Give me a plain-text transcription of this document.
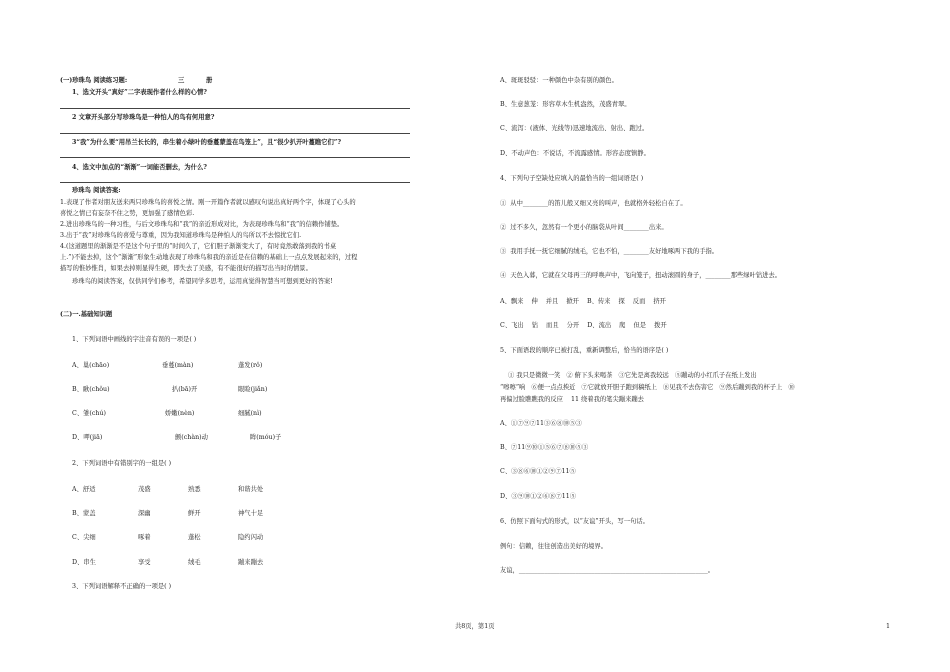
(一)珍珠鸟 阅读练习题:	三	册
1、选文开头“真好”二字表现作者什么样的心情?
2 文章开头部分写珍珠鸟是一种怕人的鸟有何用意?
3“我”为什么要“用吊兰长长的，串生着小绿叶的垂蔓蒙盖在鸟笼上”，且“很少扒开叶蔓瞧它们”?
4、选文中加点的“渐渐”一词能否删去，为什么?
珍珠鸟 阅读答案:
1.表现了作者对朋友送来两只珍珠鸟的喜悦之情。刚一开篇作者就以感叹句说出真好两个字，体现了心头的
喜悦之情已有妄奈不住之势，更加强了感情色彩.
2.进出珍珠鸟的一种习性，与后文珍珠鸟和“我”的亲近形成对比，为表现珍珠鸟和“我”的信赖作铺垫。
3.出于“我”对珍珠鸟的喜爱与尊重，因为我知道珍珠鸟是种怕人的鸟所以不去惊扰它们.
4.(这道题里的渐渐是不是这个句子里的“时间久了，它们胆子渐渐变大了，有时竟然敢落到我的书桌
上.”)不能去掉，这个“渐渐”形象生动地表现了珍珠鸟和我的亲近是在信赖的基础上一点点发展起来的，过程
描写的惟妙惟肖，如果去掉则显得生硬，即失去了美感，有不能很好的描写出当时的情景。
珍珠鸟的阅读答案，仅供同学们参考，希望同学多思考，运用真觉得智慧当可想到更好的答案!
(二)一.基础知识题
1、下列词语中画线的字注音有误的一项是( )
A、巢(chāo)	垂蔓(màn)	蓬发(rǒ)
B、瞅(chǒu)	扒(bā)开	眼睑(jiǎn)
C、雏(chú)	娇嫩(nèn)	细腻(nì)
D、呷(jiā)	颤(chàn)动	眸(móu)子
2、下列词语中有错别字的一组是( )
A、舒适	茂盛	熟悉	和谐共处
B、蒙盖	深幽	鲜开	神气十足
C、尖细	啄着	蓬松	隐约闪动
D、串生	享受	绒毛	蹦来蹦去
3、下列词语解释不正确的一项是( )
A、斑斑驳驳：一种颜色中杂有别的颜色。
B、生意葱茏：形容草木生机盎然，茂盛青翠。
C、流泻：(液体、光线等)迅速地流出、射出、跑过。
D、不动声色：不说话，不流露感情。形容态度镇静。
4、下列句子空缺处应填入的最恰当的一组词语是( )
①  从中________的笛儿般又细又亮的叫声，也就格外轻松自在了。
②  过不多久，忽然有一个更小的脑袋从叶间________出来。
③  我用手抚一抚它细腻的绒毛，它也不怕，________友好地啄两下我的手指。
④  天色入暮，它就在父母再三的呼唤声中，飞向笼子，扭动滚圆的身子，________那些绿叶钻进去。
A、飘来    伸    并且    掀开    B、传来    探    反而    挤开
C、飞出    钻    而且    分开    D、流出    爬    但是    拨开
5、下面语段的顺序已被打乱，重新调整后，恰当的语序是( )
① 我只是微微一笑   ② 俯下头来喝茶   ③它先是离我较远   ⑤蹦动的小红爪子在纸上发出
“嚓嚓”响   ⑥便一点点挨近   ⑦它就放开胆子跑到稿纸上   ⑧见我不去伤害它   ⑨然后蹦到我的杯子上   ⑩
再偏过脸瞧瞧我的反应    11 绕着我的笔尖蹦来蹦去
A、①⑦⑨⑦11③⑥⑧⑩⑤③
B、⑦11⑨⑩①⑤⑥⑦⑧⑩⑤③
C、③⑧⑥⑩①②⑨⑦11⑤
D、③⑨⑩①②⑥⑧⑦11⑤
6、仿照下面句式的形式，以“友谊”开头，写一句话。
例句：信赖，往往创造出美好的境界。
友谊，____________________________________________________________。
共8页，第1页	1
